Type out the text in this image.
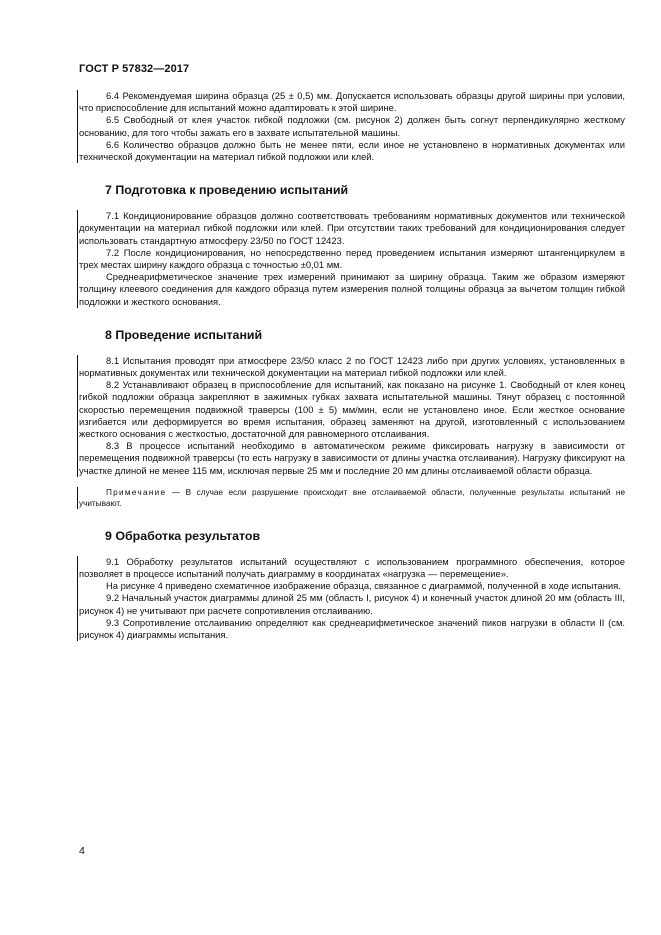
ГОСТ Р 57832—2017

6.4 Рекомендуемая ширина образца (25 ± 0,5) мм. Допускается использовать образцы другой ширины при условии, что приспособление для испытаний можно адаптировать к этой ширине.

6.5 Свободный от клея участок гибкой подложки (см. рисунок 2) должен быть согнут перпендикулярно жесткому основанию, для того чтобы зажать его в захвате испытательной машины.

6.6 Количество образцов должно быть не менее пяти, если иное не установлено в нормативных документах или технической документации на материал гибкой подложки или клей.

7 Подготовка к проведению испытаний

7.1 Кондиционирование образцов должно соответствовать требованиям нормативных документов или технической документации на материал гибкой подложки или клей. При отсутствии таких требований для кондиционирования следует использовать стандартную атмосферу 23/50 по ГОСТ 12423.

7.2 После кондиционирования, но непосредственно перед проведением испытания измеряют штангенциркулем в трех местах ширину каждого образца с точностью ±0,01 мм.

Среднеарифметическое значение трех измерений принимают за ширину образца. Таким же образом измеряют толщину клеевого соединения для каждого образца путем измерения полной толщины образца за вычетом толщин гибкой подложки и жесткого основания.

8 Проведение испытаний

8.1 Испытания проводят при атмосфере 23/50 класс 2 по ГОСТ 12423 либо при других условиях, установленных в нормативных документах или технической документации на материал гибкой подложки или клей.

8.2 Устанавливают образец в приспособление для испытаний, как показано на рисунке 1. Свободный от клея конец гибкой подложки образца закрепляют в зажимных губках захвата испытательной машины. Тянут образец с постоянной скоростью перемещения подвижной траверсы (100 ± 5) мм/мин, если не установлено иное. Если жесткое основание изгибается или деформируется во время испытания, образец заменяют на другой, изготовленный с использованием жесткого основания с жесткостью, достаточной для равномерного отслаивания.

8.3 В процессе испытаний необходимо в автоматическом режиме фиксировать нагрузку в зависимости от перемещения подвижной траверсы (то есть нагрузку в зависимости от длины участка отслаивания). Нагрузку фиксируют на участке длиной не менее 115 мм, исключая первые 25 мм и последние 20 мм длины отслаиваемой области образца.

Примечание — В случае если разрушение происходит вне отслаиваемой области, полученные результаты испытаний не учитывают.

9 Обработка результатов

9.1 Обработку результатов испытаний осуществляют с использованием программного обеспечения, которое позволяет в процессе испытаний получать диаграмму в координатах «нагрузка — перемещение».

На рисунке 4 приведено схематичное изображение образца, связанное с диаграммой, полученной в ходе испытания.

9.2 Начальный участок диаграммы длиной 25 мм (область I, рисунок 4) и конечный участок длиной 20 мм (область III, рисунок 4) не учитывают при расчете сопротивления отслаиванию.

9.3 Сопротивление отслаиванию определяют как среднеарифметическое значений пиков нагрузки в области II (см. рисунок 4) диаграммы испытания.

4
